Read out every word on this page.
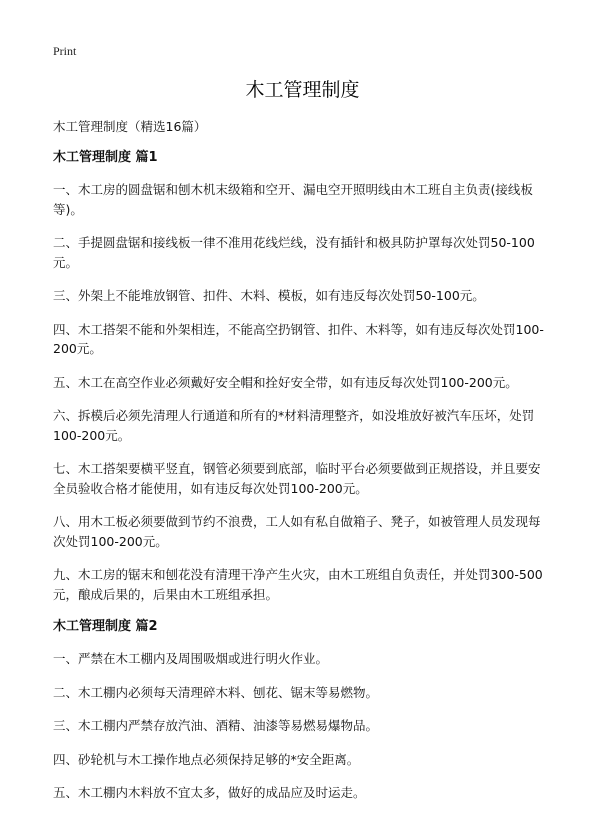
Print
木工管理制度

木工管理制度（精选16篇）

木工管理制度 篇1

一、木工房的圆盘锯和刨木机末级箱和空开、漏电空开照明线由木工班自主负责(接线板等)。

二、手提圆盘锯和接线板一律不准用花线烂线，没有插针和极具防护罩每次处罚50-100元。

三、外架上不能堆放钢管、扣件、木料、模板，如有违反每次处罚50-100元。

四、木工搭架不能和外架相连，不能高空扔钢管、扣件、木料等，如有违反每次处罚100-200元。

五、木工在高空作业必须戴好安全帽和拴好安全带，如有违反每次处罚100-200元。

六、拆模后必须先清理人行通道和所有的*材料清理整齐，如没堆放好被汽车压坏，处罚100-200元。

七、木工搭架要横平竖直，钢管必须要到底部，临时平台必须要做到正规搭设，并且要安全员验收合格才能使用，如有违反每次处罚100-200元。

八、用木工板必须要做到节约不浪费，工人如有私自做箱子、凳子，如被管理人员发现每次处罚100-200元。

九、木工房的锯末和刨花没有清理干净产生火灾，由木工班组自负责任，并处罚300-500元，酿成后果的，后果由木工班组承担。

木工管理制度 篇2

一、严禁在木工棚内及周围吸烟或进行明火作业。

二、木工棚内必须每天清理碎木料、刨花、锯末等易燃物。

三、木工棚内严禁存放汽油、酒精、油漆等易燃易爆物品。

四、砂轮机与木工操作地点必须保持足够的*安全距离。

五、木工棚内木料放不宜太多，做好的成品应及时运走。
